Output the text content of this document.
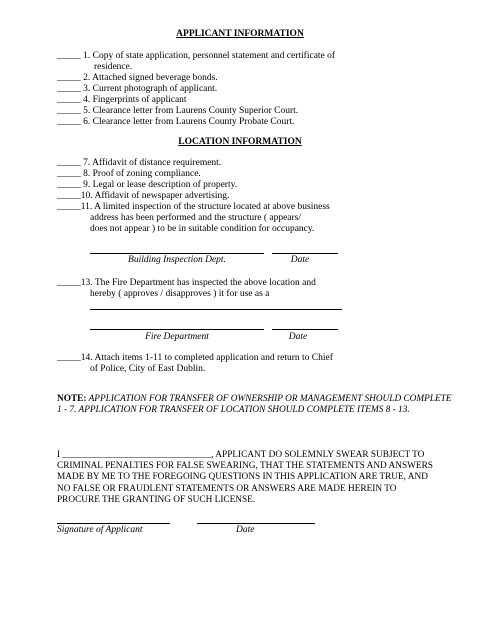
APPLICANT INFORMATION
_____ 1. Copy of state application, personnel statement and certificate of
residence.
_____ 2. Attached signed beverage bonds.
_____ 3. Current photograph of applicant.
_____ 4. Fingerprints of applicant
_____ 5. Clearance letter from Laurens County Superior Court.
_____ 6. Clearance letter from Laurens County Probate Court.
LOCATION INFORMATION
_____ 7. Affidavit of distance requirement.
_____ 8. Proof of zoning compliance.
_____ 9. Legal or lease description of property.
_____10. Affidavit of newspaper advertising.
_____11. A limited inspection of the structure located at above business
address has been performed and the structure ( appears/
does not appear ) to be in suitable condition for occupancy.
Building Inspection Dept.	Date
_____13. The Fire Department has inspected the above location and
hereby ( approves / disapproves ) it for use as a
Fire Department	Date
_____14. Attach items 1-11 to completed application and return to Chief
of Police, City of East Dublin.
NOTE: APPLICATION FOR TRANSFER OF OWNERSHIP OR MANAGEMENT SHOULD COMPLETE 1 - 7. APPLICATION FOR TRANSFER OF LOCATION SHOULD COMPLETE ITEMS 8 - 13.
I ________________________________, APPLICANT DO SOLEMNLY SWEAR SUBJECT TO CRIMINAL PENALTIES FOR FALSE SWEARING, THAT THE STATEMENTS AND ANSWERS MADE BY ME TO THE FOREGOING QUESTIONS IN THIS APPLICATION ARE TRUE, AND NO FALSE OR FRAUDLENT STATEMENTS OR ANSWERS ARE MADE HEREIN TO PROCURE THE GRANTING OF SUCH LICENSE.
Signature of Applicant	Date
